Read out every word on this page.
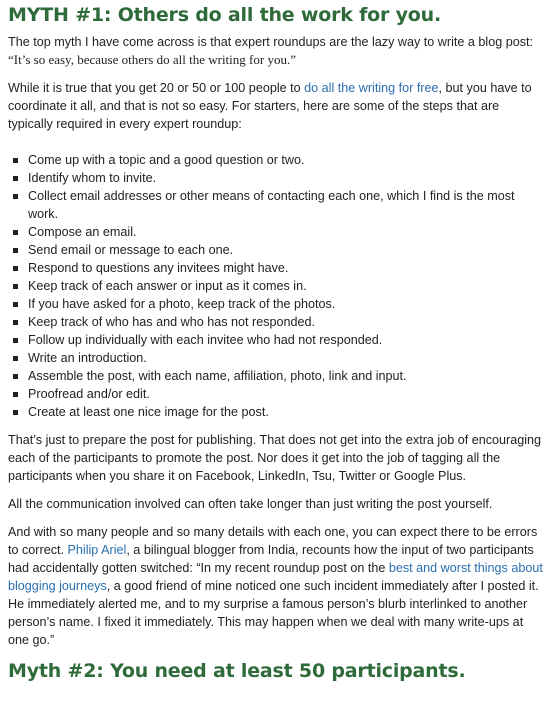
MYTH #1: Others do all the work for you.

The top myth I have come across is that expert roundups are the lazy way to write a blog post: “It’s so easy, because others do all the writing for you.”

While it is true that you get 20 or 50 or 100 people to do all the writing for free, but you have to coordinate it all, and that is not so easy. For starters, here are some of the steps that are typically required in every expert roundup:

Come up with a topic and a good question or two.
Identify whom to invite.
Collect email addresses or other means of contacting each one, which I find is the most work.
Compose an email.
Send email or message to each one.
Respond to questions any invitees might have.
Keep track of each answer or input as it comes in.
If you have asked for a photo, keep track of the photos.
Keep track of who has and who has not responded.
Follow up individually with each invitee who had not responded.
Write an introduction.
Assemble the post, with each name, affiliation, photo, link and input.
Proofread and/or edit.
Create at least one nice image for the post.

That’s just to prepare the post for publishing. That does not get into the extra job of encouraging each of the participants to promote the post. Nor does it get into the job of tagging all the participants when you share it on Facebook, LinkedIn, Tsu, Twitter or Google Plus.

All the communication involved can often take longer than just writing the post yourself.

And with so many people and so many details with each one, you can expect there to be errors to correct. Philip Ariel, a bilingual blogger from India, recounts how the input of two participants had accidentally gotten switched: “In my recent roundup post on the best and worst things about blogging journeys, a good friend of mine noticed one such incident immediately after I posted it. He immediately alerted me, and to my surprise a famous person’s blurb interlinked to another person’s name. I fixed it immediately. This may happen when we deal with many write-ups at one go.”

Myth #2: You need at least 50 participants.
